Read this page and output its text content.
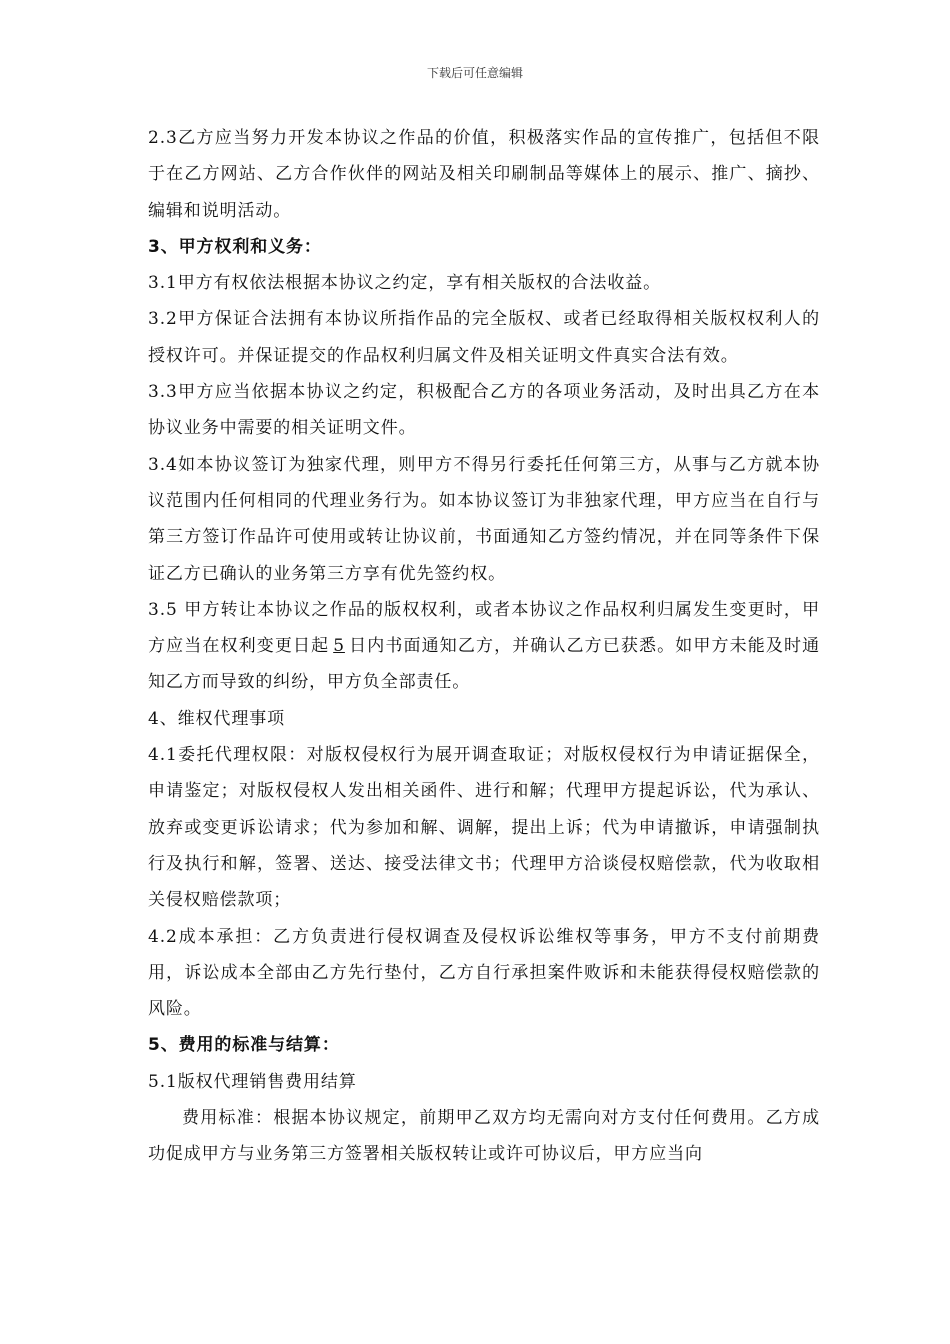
下载后可任意编辑

2.3乙方应当努力开发本协议之作品的价值，积极落实作品的宣传推广，包括但不限于在乙方网站、乙方合作伙伴的网站及相关印刷制品等媒体上的展示、推广、摘抄、编辑和说明活动。

3、甲方权利和义务：

3.1甲方有权依法根据本协议之约定，享有相关版权的合法收益。

3.2甲方保证合法拥有本协议所指作品的完全版权、或者已经取得相关版权权利人的授权许可。并保证提交的作品权利归属文件及相关证明文件真实合法有效。

3.3甲方应当依据本协议之约定，积极配合乙方的各项业务活动，及时出具乙方在本协议业务中需要的相关证明文件。

3.4如本协议签订为独家代理，则甲方不得另行委托任何第三方，从事与乙方就本协议范围内任何相同的代理业务行为。如本协议签订为非独家代理，甲方应当在自行与第三方签订作品许可使用或转让协议前，书面通知乙方签约情况，并在同等条件下保证乙方已确认的业务第三方享有优先签约权。

3.5 甲方转让本协议之作品的版权权利，或者本协议之作品权利归属发生变更时，甲方应当在权利变更日起 5 日内书面通知乙方，并确认乙方已获悉。如甲方未能及时通知乙方而导致的纠纷，甲方负全部责任。

4、维权代理事项

4.1委托代理权限：对版权侵权行为展开调查取证；对版权侵权行为申请证据保全，申请鉴定；对版权侵权人发出相关函件、进行和解；代理甲方提起诉讼，代为承认、放弃或变更诉讼请求；代为参加和解、调解，提出上诉；代为申请撤诉，申请强制执行及执行和解，签署、送达、接受法律文书；代理甲方洽谈侵权赔偿款，代为收取相关侵权赔偿款项；

4.2成本承担：乙方负责进行侵权调查及侵权诉讼维权等事务，甲方不支付前期费用，诉讼成本全部由乙方先行垫付，乙方自行承担案件败诉和未能获得侵权赔偿款的风险。

5、费用的标准与结算：

5.1版权代理销售费用结算

费用标准：根据本协议规定，前期甲乙双方均无需向对方支付任何费用。乙方成功促成甲方与业务第三方签署相关版权转让或许可协议后，甲方应当向
